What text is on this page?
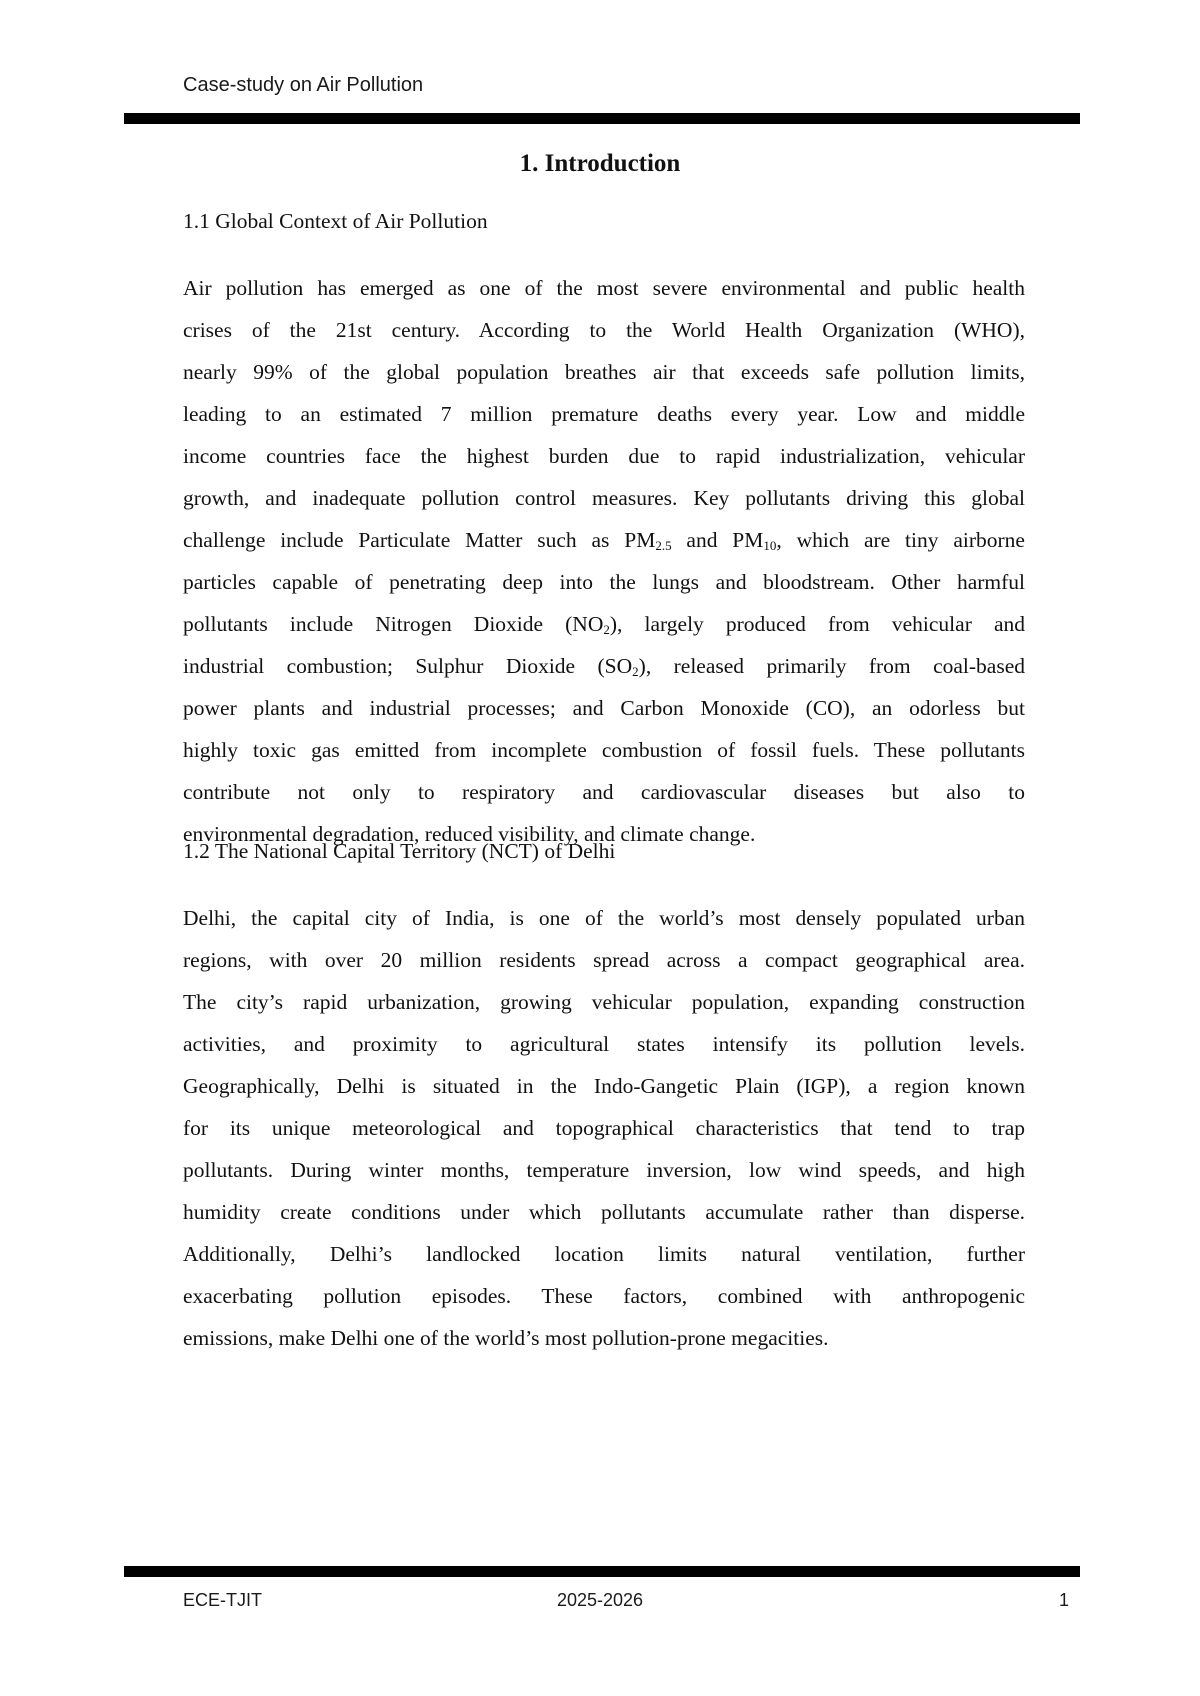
Case-study on Air Pollution
1. Introduction
1.1 Global Context of Air Pollution
Air pollution has emerged as one of the most severe environmental and public health
crises of the 21st century. According to the World Health Organization (WHO),
nearly 99% of the global population breathes air that exceeds safe pollution limits,
leading to an estimated 7 million premature deaths every year. Low and middle
income countries face the highest burden due to rapid industrialization, vehicular
growth, and inadequate pollution control measures. Key pollutants driving this global
challenge include Particulate Matter such as $PM_{2.5}$ and $PM_{10}$, which are tiny airborne
particles capable of penetrating deep into the lungs and bloodstream. Other harmful
pollutants include Nitrogen Dioxide $(NO_2)$, largely produced from vehicular and
industrial combustion; Sulphur Dioxide $(SO_2)$, released primarily from coal-based
power plants and industrial processes; and Carbon Monoxide (CO), an odorless but
highly toxic gas emitted from incomplete combustion of fossil fuels. These pollutants
contribute not only to respiratory and cardiovascular diseases but also to
environmental degradation, reduced visibility, and climate change.
1.2 The National Capital Territory (NCT) of Delhi
Delhi, the capital city of India, is one of the world’s most densely populated urban
regions, with over 20 million residents spread across a compact geographical area.
The city’s rapid urbanization, growing vehicular population, expanding construction
activities, and proximity to agricultural states intensify its pollution levels.
Geographically, Delhi is situated in the Indo-Gangetic Plain (IGP), a region known
for its unique meteorological and topographical characteristics that tend to trap
pollutants. During winter months, temperature inversion, low wind speeds, and high
humidity create conditions under which pollutants accumulate rather than disperse.
Additionally, Delhi’s landlocked location limits natural ventilation, further
exacerbating pollution episodes. These factors, combined with anthropogenic
emissions, make Delhi one of the world’s most pollution-prone megacities.
ECE-TJIT	2025-2026	1
